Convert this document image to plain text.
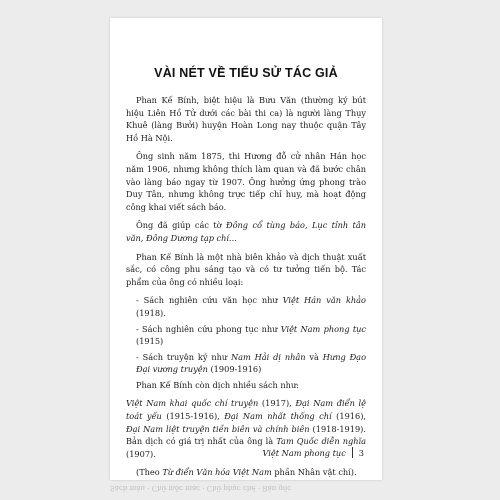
VÀI NÉT VỀ TIỂU SỬ TÁC GIẢ

Phan Kế Bính, biệt hiệu là Bưu Văn (thường ký bút hiệu Liên Hồ Tử dưới các bài thi ca) là người làng Thụy Khuê (làng Bưởi) huyện Hoàn Long nay thuộc quận Tây Hồ Hà Nội.

Ông sinh năm 1875, thi Hương đỗ cử nhân Hán học năm 1906, nhưng không thích làm quan và đã bước chân vào làng báo ngay từ 1907. Ông hưởng ứng phong trào Duy Tân, nhưng không trực tiếp chỉ huy, mà hoạt động công khai viết sách báo.

Ông đã giúp các tờ Đông cổ tùng báo, Lục tỉnh tân văn, Đông Dương tạp chí...

Phan Kế Bính là một nhà biên khảo và dịch thuật xuất sắc, có công phu sáng tạo và có tư tưởng tiến bộ. Tác phẩm của ông có nhiều loại:

- Sách nghiên cứu văn học như Việt Hán văn khảo (1918).
- Sách nghiên cứu phong tục như Việt Nam phong tục (1915)
- Sách truyện ký như Nam Hải dị nhân và Hưng Đạo Đại vương truyện (1909-1916)

Phan Kế Bính còn dịch nhiều sách như:

Việt Nam khai quốc chí truyện (1917), Đại Nam điển lệ toát yếu (1915-1916), Đại Nam nhất thống chí (1916), Đại Nam liệt truyện tiền biên và chính biên (1918-1919). Bản dịch có giá trị nhất của ông là Tam Quốc diễn nghĩa (1907).

(Theo Từ điển Văn hóa Việt Nam phần Nhân vật chí).

Việt Nam phong tục 3
Sách mẫu · Chữ mộc mạc · Chữ phục chế · Bản gốc
